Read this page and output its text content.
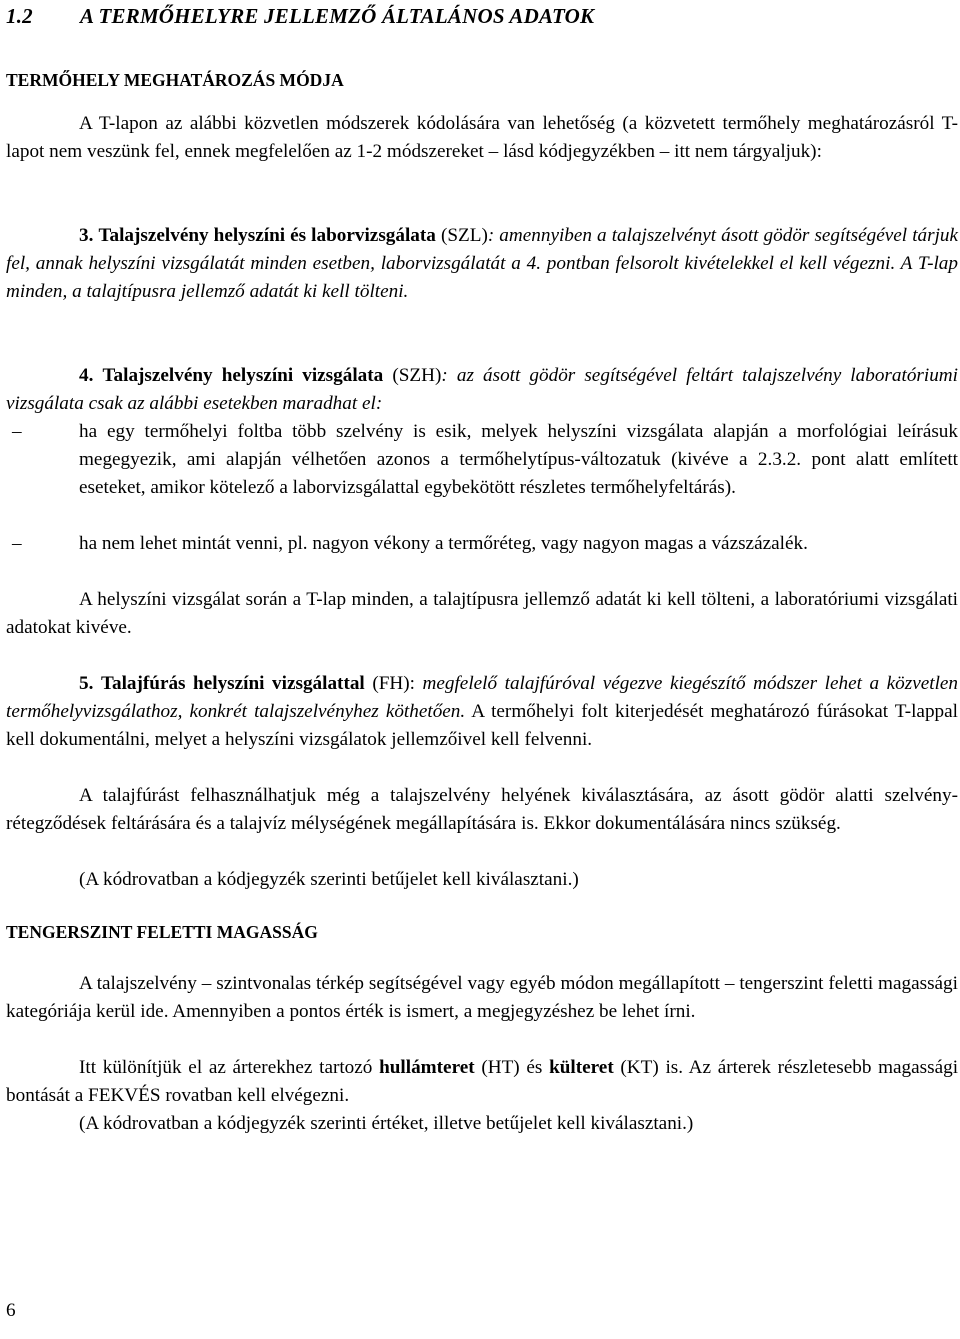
1.2 A TERMŐHELYRE JELLEMZŐ ÁLTALÁNOS ADATOK
TERMŐHELY MEGHATÁROZÁS MÓDJA
A T-lapon az alábbi közvetlen módszerek kódolására van lehetőség (a közvetett termőhely meghatározásról T-lapot nem veszünk fel, ennek megfelelően az 1-2 módszereket – lásd kódjegyzékben – itt nem tárgyaljuk):
3. Talajszelvény helyszíni és laborvizsgálata (SZL): amennyiben a talajszelvényt ásott gödör segítségével tárjuk fel, annak helyszíni vizsgálatát minden esetben, laborvizsgálatát a 4. pontban felsorolt kivételekkel el kell végezni. A T-lap minden, a talajtípusra jellemző adatát ki kell tölteni.
4. Talajszelvény helyszíni vizsgálata (SZH): az ásott gödör segítségével feltárt talajszelvény laboratóriumi vizsgálata csak az alábbi esetekben maradhat el:
–	ha egy termőhelyi foltba több szelvény is esik, melyek helyszíni vizsgálata alapján a morfológiai leírásuk megegyezik, ami alapján vélhetően azonos a termőhelytípus-változatuk (kivéve a 2.3.2. pont alatt említett eseteket, amikor kötelező a laborvizsgálattal egybekötött részletes termőhelyfeltárás).
–	ha nem lehet mintát venni, pl. nagyon vékony a termőréteg, vagy nagyon magas a vázszázalék.
A helyszíni vizsgálat során a T-lap minden, a talajtípusra jellemző adatát ki kell tölteni, a laboratóriumi vizsgálati adatokat kivéve.
5. Talajfúrás helyszíni vizsgálattal (FH): megfelelő talajfúróval végezve kiegészítő módszer lehet a közvetlen termőhelyvizsgálathoz, konkrét talajszelvényhez köthetően. A termőhelyi folt kiterjedését meghatározó fúrásokat T-lappal kell dokumentálni, melyet a helyszíni vizsgálatok jellemzőivel kell felvenni.
A talajfúrást felhasználhatjuk még a talajszelvény helyének kiválasztására, az ásott gödör alatti szelvény- rétegződések feltárására és a talajvíz mélységének megállapítására is. Ekkor dokumentálására nincs szükség.
(A kódrovatban a kódjegyzék szerinti betűjelet kell kiválasztani.)
TENGERSZINT FELETTI MAGASSÁG
A talajszelvény – szintvonalas térkép segítségével vagy egyéb módon megállapított – tengerszint feletti magassági kategóriája kerül ide. Amennyiben a pontos érték is ismert, a megjegyzéshez be lehet írni.
Itt különítjük el az árterekhez tartozó hullámteret (HT) és külteret (KT) is. Az árterek részletesebb magassági bontását a FEKVÉS rovatban kell elvégezni.
(A kódrovatban a kódjegyzék szerinti értéket, illetve betűjelet kell kiválasztani.)
6
